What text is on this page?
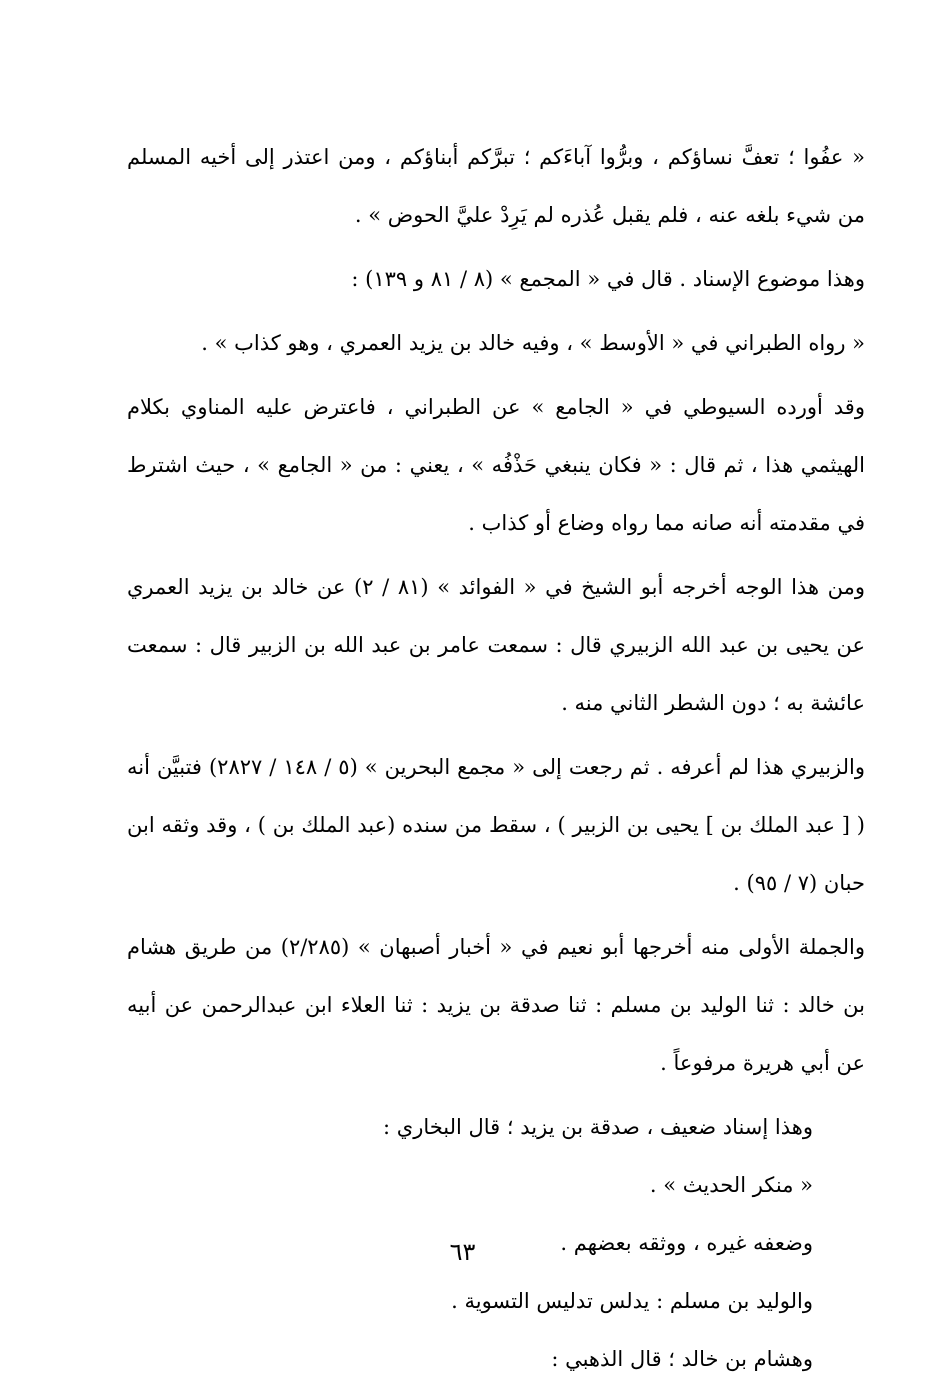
« عفُوا ؛ تعفَّ نساؤكم ، وبرُّوا آباءَكم ؛ تبرَّكم أبناؤكم ، ومن اعتذر إلى أخيه المسلم من شيء بلغه عنه ، فلم يقبل عُذره لم يَرِدْ عليَّ الحوض » .

وهذا موضوع الإسناد . قال في « المجمع » (٨ / ٨١ و ١٣٩) :

« رواه الطبراني في « الأوسط » ، وفيه خالد بن يزيد العمري ، وهو كذاب » .

وقد أورده السيوطي في « الجامع » عن الطبراني ، فاعترض عليه المناوي بكلام الهيثمي هذا ، ثم قال : « فكان ينبغي حَذْفُه » ، يعني : من « الجامع » ، حيث اشترط في مقدمته أنه صانه مما رواه وضاع أو كذاب .

ومن هذا الوجه أخرجه أبو الشيخ في « الفوائد » (٨١ / ٢) عن خالد بن يزيد العمري عن يحيى بن عبد الله الزبيري قال : سمعت عامر بن عبد الله بن الزبير قال : سمعت عائشة به ؛ دون الشطر الثاني منه .

والزبيري هذا لم أعرفه . ثم رجعت إلى « مجمع البحرين » (٥ / ١٤٨ / ٢٨٢٧) فتبيَّن أنه ( [ عبد الملك بن ] يحيى بن الزبير ) ، سقط من سنده (عبد الملك بن ) ، وقد وثقه ابن حبان (٧ / ٩٥) .

والجملة الأولى منه أخرجها أبو نعيم في « أخبار أصبهان » (٢/٢٨٥) من طريق هشام بن خالد : ثنا الوليد بن مسلم : ثنا صدقة بن يزيد : ثنا العلاء ابن عبدالرحمن عن أبيه عن أبي هريرة مرفوعاً .

وهذا إسناد ضعيف ، صدقة بن يزيد ؛ قال البخاري :

« منكر الحديث » .

وضعفه غيره ، ووثقه بعضهم .

والوليد بن مسلم : يدلس تدليس التسوية .

وهشام بن خالد ؛ قال الذهبي :

٦٣
